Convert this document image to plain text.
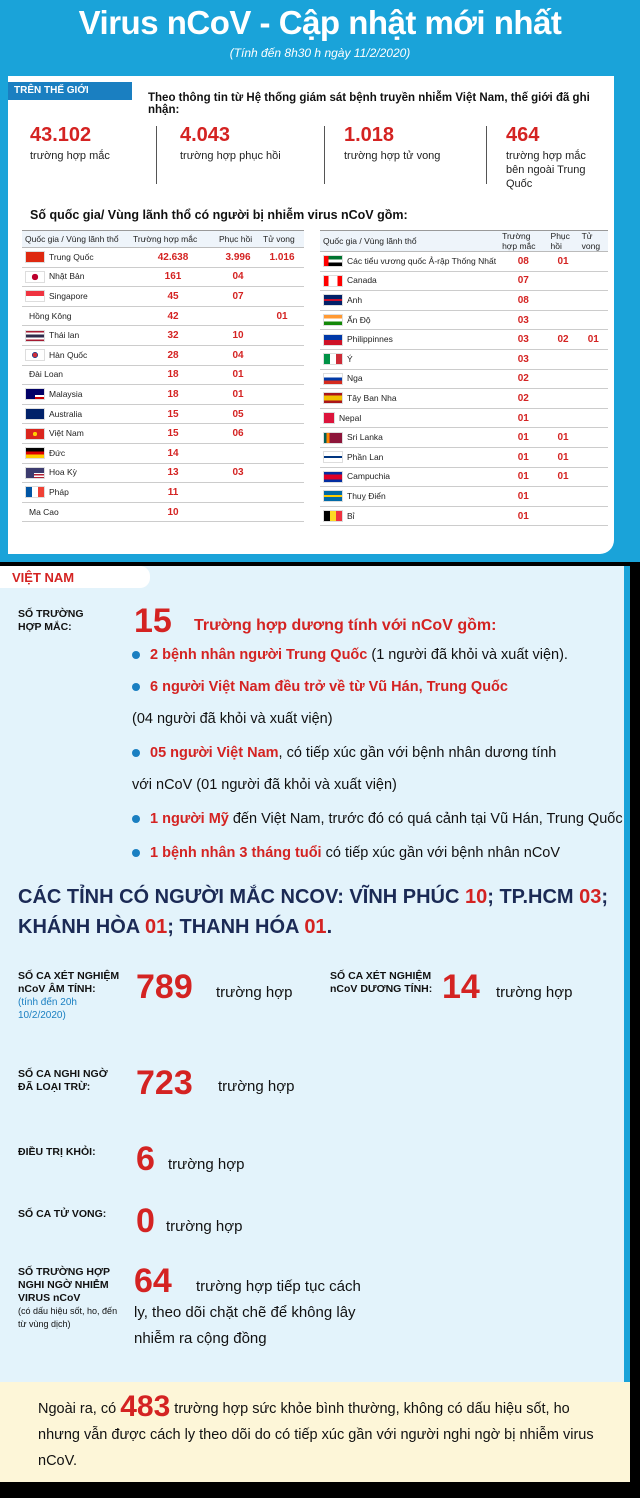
Virus nCoV - Cập nhật mới nhất
(Tính đến 8h30 h ngày 11/2/2020)
TRÊN THẾ GIỚI
Theo thông tin từ Hệ thống giám sát bệnh truyền nhiễm Việt Nam, thế giới đã ghi nhận:
43.102
trường hợp mắc
4.043
trường hợp phục hồi
1.018
trường hợp tử vong
464
trường hợp mắc bên ngoài Trung Quốc
Số quốc gia/ Vùng lãnh thổ có người bị nhiễm virus nCoV gồm:
Quốc gia / Vùng lãnh thổ	Trường hợp mắc	Phục hồi	Tử vong

Trung Quốc	42.638	3.996	1.016

Nhật Bản	161	04	

Singapore	45	07	

Hồng Kông	42		01

Thái lan	32	10	

Hàn Quốc	28	04	

Đài Loan	18	01	

Malaysia	18	01	

Australia	15	05	

Việt Nam	15	06	

Đức	14		

Hoa Kỳ	13	03	

Pháp	11		

Ma Cao	10		
Quốc gia / Vùng lãnh thổ	Trường hợp mắc	Phục hồi	Tử vong

Các tiểu vương quốc Ả-rập Thống Nhất	08	01	

Canada	07		

Anh	08		

Ấn Độ	03		

Philippinnes	03	02	01

Ý	03		

Nga	02		

Tây Ban Nha	02		

Nepal	01		

Sri Lanka	01	01	

Phần Lan	01	01	

Campuchia	01	01	

Thuỵ Điển	01		

Bỉ	01		
VIỆT NAM
SỐ TRƯỜNG HỢP MẮC:	15 Trường hợp dương tính với nCoV gồm:
2 bệnh nhân người Trung Quốc (1 người đã khỏi và xuất viện).
6 người Việt Nam đều trở về từ Vũ Hán, Trung Quốc
(04 người đã khỏi và xuất viện)
05 người Việt Nam, có tiếp xúc gần với bệnh nhân dương tính
với nCoV (01 người đã khỏi và xuất viện)
1 người Mỹ đến Việt Nam, trước đó có quá cảnh tại Vũ Hán, Trung Quốc
1 bệnh nhân 3 tháng tuổi có tiếp xúc gần với bệnh nhân nCoV
CÁC TỈNH CÓ NGƯỜI MẮC NCOV: VĨNH PHÚC 10; TP.HCM 03;
KHÁNH HÒA 01; THANH HÓA 01.
SỐ CA XÉT NGHIỆM nCoV ÂM TÍNH:
(tính đến 20h 10/2/2020)
789 trường hợp
SỐ CA XÉT NGHIỆM nCoV DƯƠNG TÍNH: 14 trường hợp
SỐ CA NGHI NGỜ ĐÃ LOẠI TRỪ:	723 trường hợp
ĐIỀU TRỊ KHỎI:	6 trường hợp
SỐ CA TỬ VONG: 0 trường hợp
SỐ TRƯỜNG HỢP NGHI NGỜ NHIỄM VIRUS nCoV
(có dấu hiệu sốt, ho, đến từ vùng dịch)
64 trường hợp tiếp tục cách
ly, theo dõi chặt chẽ để không lây
nhiễm ra cộng đồng
Ngoài ra, có 483 trường hợp sức khỏe bình thường, không có dấu hiệu sốt, ho nhưng vẫn được cách ly theo dõi do có tiếp xúc gần với người nghi ngờ bị nhiễm virus nCoV.
